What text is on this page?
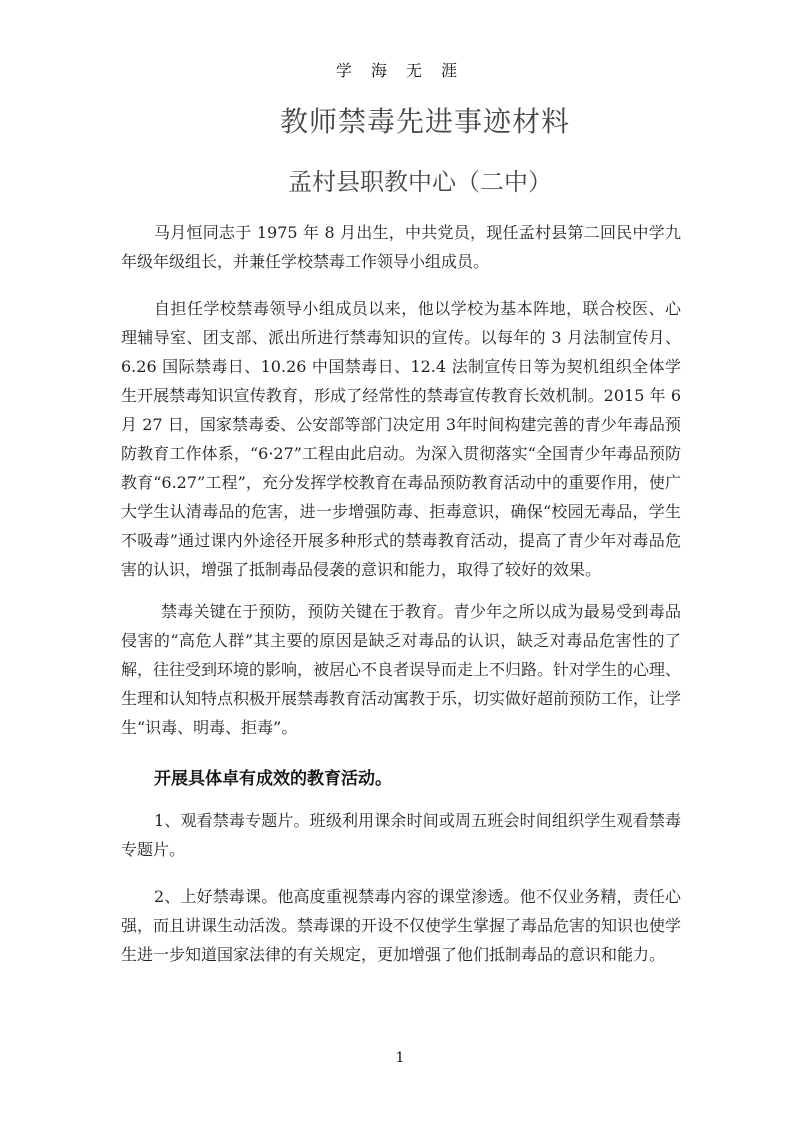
学 海 无 涯
教师禁毒先进事迹材料
孟村县职教中心（二中）

马月恒同志于 1975 年 8 月出生，中共党员，现任孟村县第二回民中学九年级年级组长，并兼任学校禁毒工作领导小组成员。

自担任学校禁毒领导小组成员以来，他以学校为基本阵地，联合校医、心理辅导室、团支部、派出所进行禁毒知识的宣传。以每年的 3 月法制宣传月、6.26 国际禁毒日、10.26 中国禁毒日、12.4 法制宣传日等为契机组织全体学生开展禁毒知识宣传教育，形成了经常性的禁毒宣传教育长效机制。2015 年 6 月 27 日，国家禁毒委、公安部等部门决定用 3年时间构建完善的青少年毒品预防教育工作体系，“6·27”工程由此启动。为深入贯彻落实“全国青少年毒品预防教育“6.27”工程”，充分发挥学校教育在毒品预防教育活动中的重要作用，使广大学生认清毒品的危害，进一步增强防毒、拒毒意识，确保“校园无毒品，学生不吸毒”通过课内外途径开展多种形式的禁毒教育活动，提高了青少年对毒品危害的认识，增强了抵制毒品侵袭的意识和能力，取得了较好的效果。

禁毒关键在于预防，预防关键在于教育。青少年之所以成为最易受到毒品侵害的“高危人群”其主要的原因是缺乏对毒品的认识，缺乏对毒品危害性的了解，往往受到环境的影响，被居心不良者误导而走上不归路。针对学生的心理、生理和认知特点积极开展禁毒教育活动寓教于乐，切实做好超前预防工作，让学生“识毒、明毒、拒毒”。

开展具体卓有成效的教育活动。

1、观看禁毒专题片。班级利用课余时间或周五班会时间组织学生观看禁毒专题片。

2、上好禁毒课。他高度重视禁毒内容的课堂渗透。他不仅业务精，责任心强，而且讲课生动活泼。禁毒课的开设不仅使学生掌握了毒品危害的知识也使学生进一步知道国家法律的有关规定，更加增强了他们抵制毒品的意识和能力。

1
